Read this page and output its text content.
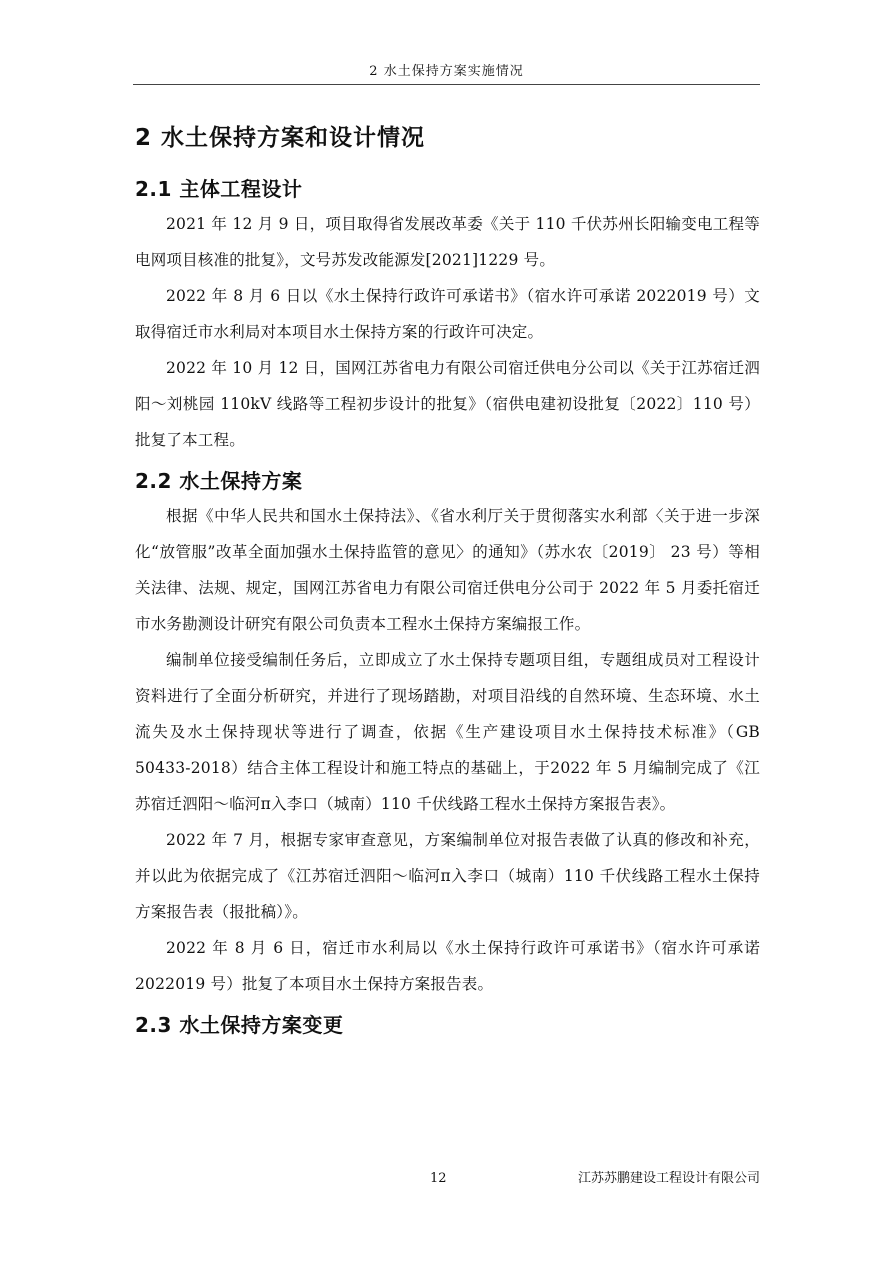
2 水土保持方案实施情况
2 水土保持方案和设计情况
2.1 主体工程设计

2021 年 12 月 9 日，项目取得省发展改革委《关于 110 千伏苏州长阳输变电工程等电网项目核准的批复》，文号苏发改能源发[2021]1229 号。

2022 年 8 月 6 日以《水土保持行政许可承诺书》（宿水许可承诺 2022019 号）文取得宿迁市水利局对本项目水土保持方案的行政许可决定。

2022 年 10 月 12 日，国网江苏省电力有限公司宿迁供电分公司以《关于江苏宿迁泗阳～刘桃园 110kV 线路等工程初步设计的批复》（宿供电建初设批复〔2022〕110 号）批复了本工程。

2.2 水土保持方案

根据《中华人民共和国水土保持法》、《省水利厅关于贯彻落实水利部〈关于进一步深化“放管服”改革全面加强水土保持监管的意见〉的通知》（苏水农〔2019〕 23 号）等相关法律、法规、规定，国网江苏省电力有限公司宿迁供电分公司于 2022 年 5 月委托宿迁市水务勘测设计研究有限公司负责本工程水土保持方案编报工作。

编制单位接受编制任务后，立即成立了水土保持专题项目组，专题组成员对工程设计资料进行了全面分析研究，并进行了现场踏勘，对项目沿线的自然环境、生态环境、水土流失及水土保持现状等进行了调查，依据《生产建设项目水土保持技术标准》（GB 50433-2018）结合主体工程设计和施工特点的基础上，于2022 年 5 月编制完成了《江苏宿迁泗阳～临河π入李口（城南）110 千伏线路工程水土保持方案报告表》。

2022 年 7 月，根据专家审查意见，方案编制单位对报告表做了认真的修改和补充，并以此为依据完成了《江苏宿迁泗阳～临河π入李口（城南）110 千伏线路工程水土保持方案报告表（报批稿）》。

2022 年 8 月 6 日，宿迁市水利局以《水土保持行政许可承诺书》（宿水许可承诺 2022019 号）批复了本项目水土保持方案报告表。

2.3 水土保持方案变更
12	江苏苏鹏建设工程设计有限公司
